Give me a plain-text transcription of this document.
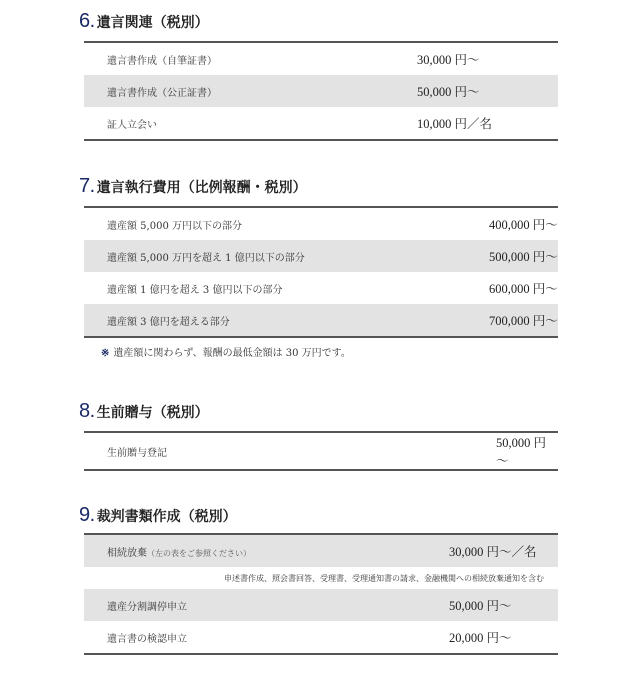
6. 遺言関連 （税別）
遺言書作成（自筆証書）	30,000 円～
遺言書作成（公正証書）	50,000 円～
証人立会い	10,000 円／名
7. 遺言執行費用 （比例報酬・税別）
遺産額 5,000 万円以下の部分	400,000 円～
遺産額 5,000 万円を超え 1 億円以下の部分	500,000 円～
遺産額 1 億円を超え 3 億円以下の部分	600,000 円～
遺産額 3 億円を超える部分	700,000 円～
※ 遺産額に関わらず、報酬の最低金額は 30 万円です。
8. 生前贈与 （税別）
生前贈与登記	50,000 円～
9. 裁判書類作成 （税別）
相続放棄（左の表をご参照ください）	30,000 円～／名
申述書作成、照会書回答、受理書、受理通知書の請求、金融機関への相続放棄通知を含む	
遺産分割調停申立	50,000 円～
遺言書の検認申立	20,000 円～
